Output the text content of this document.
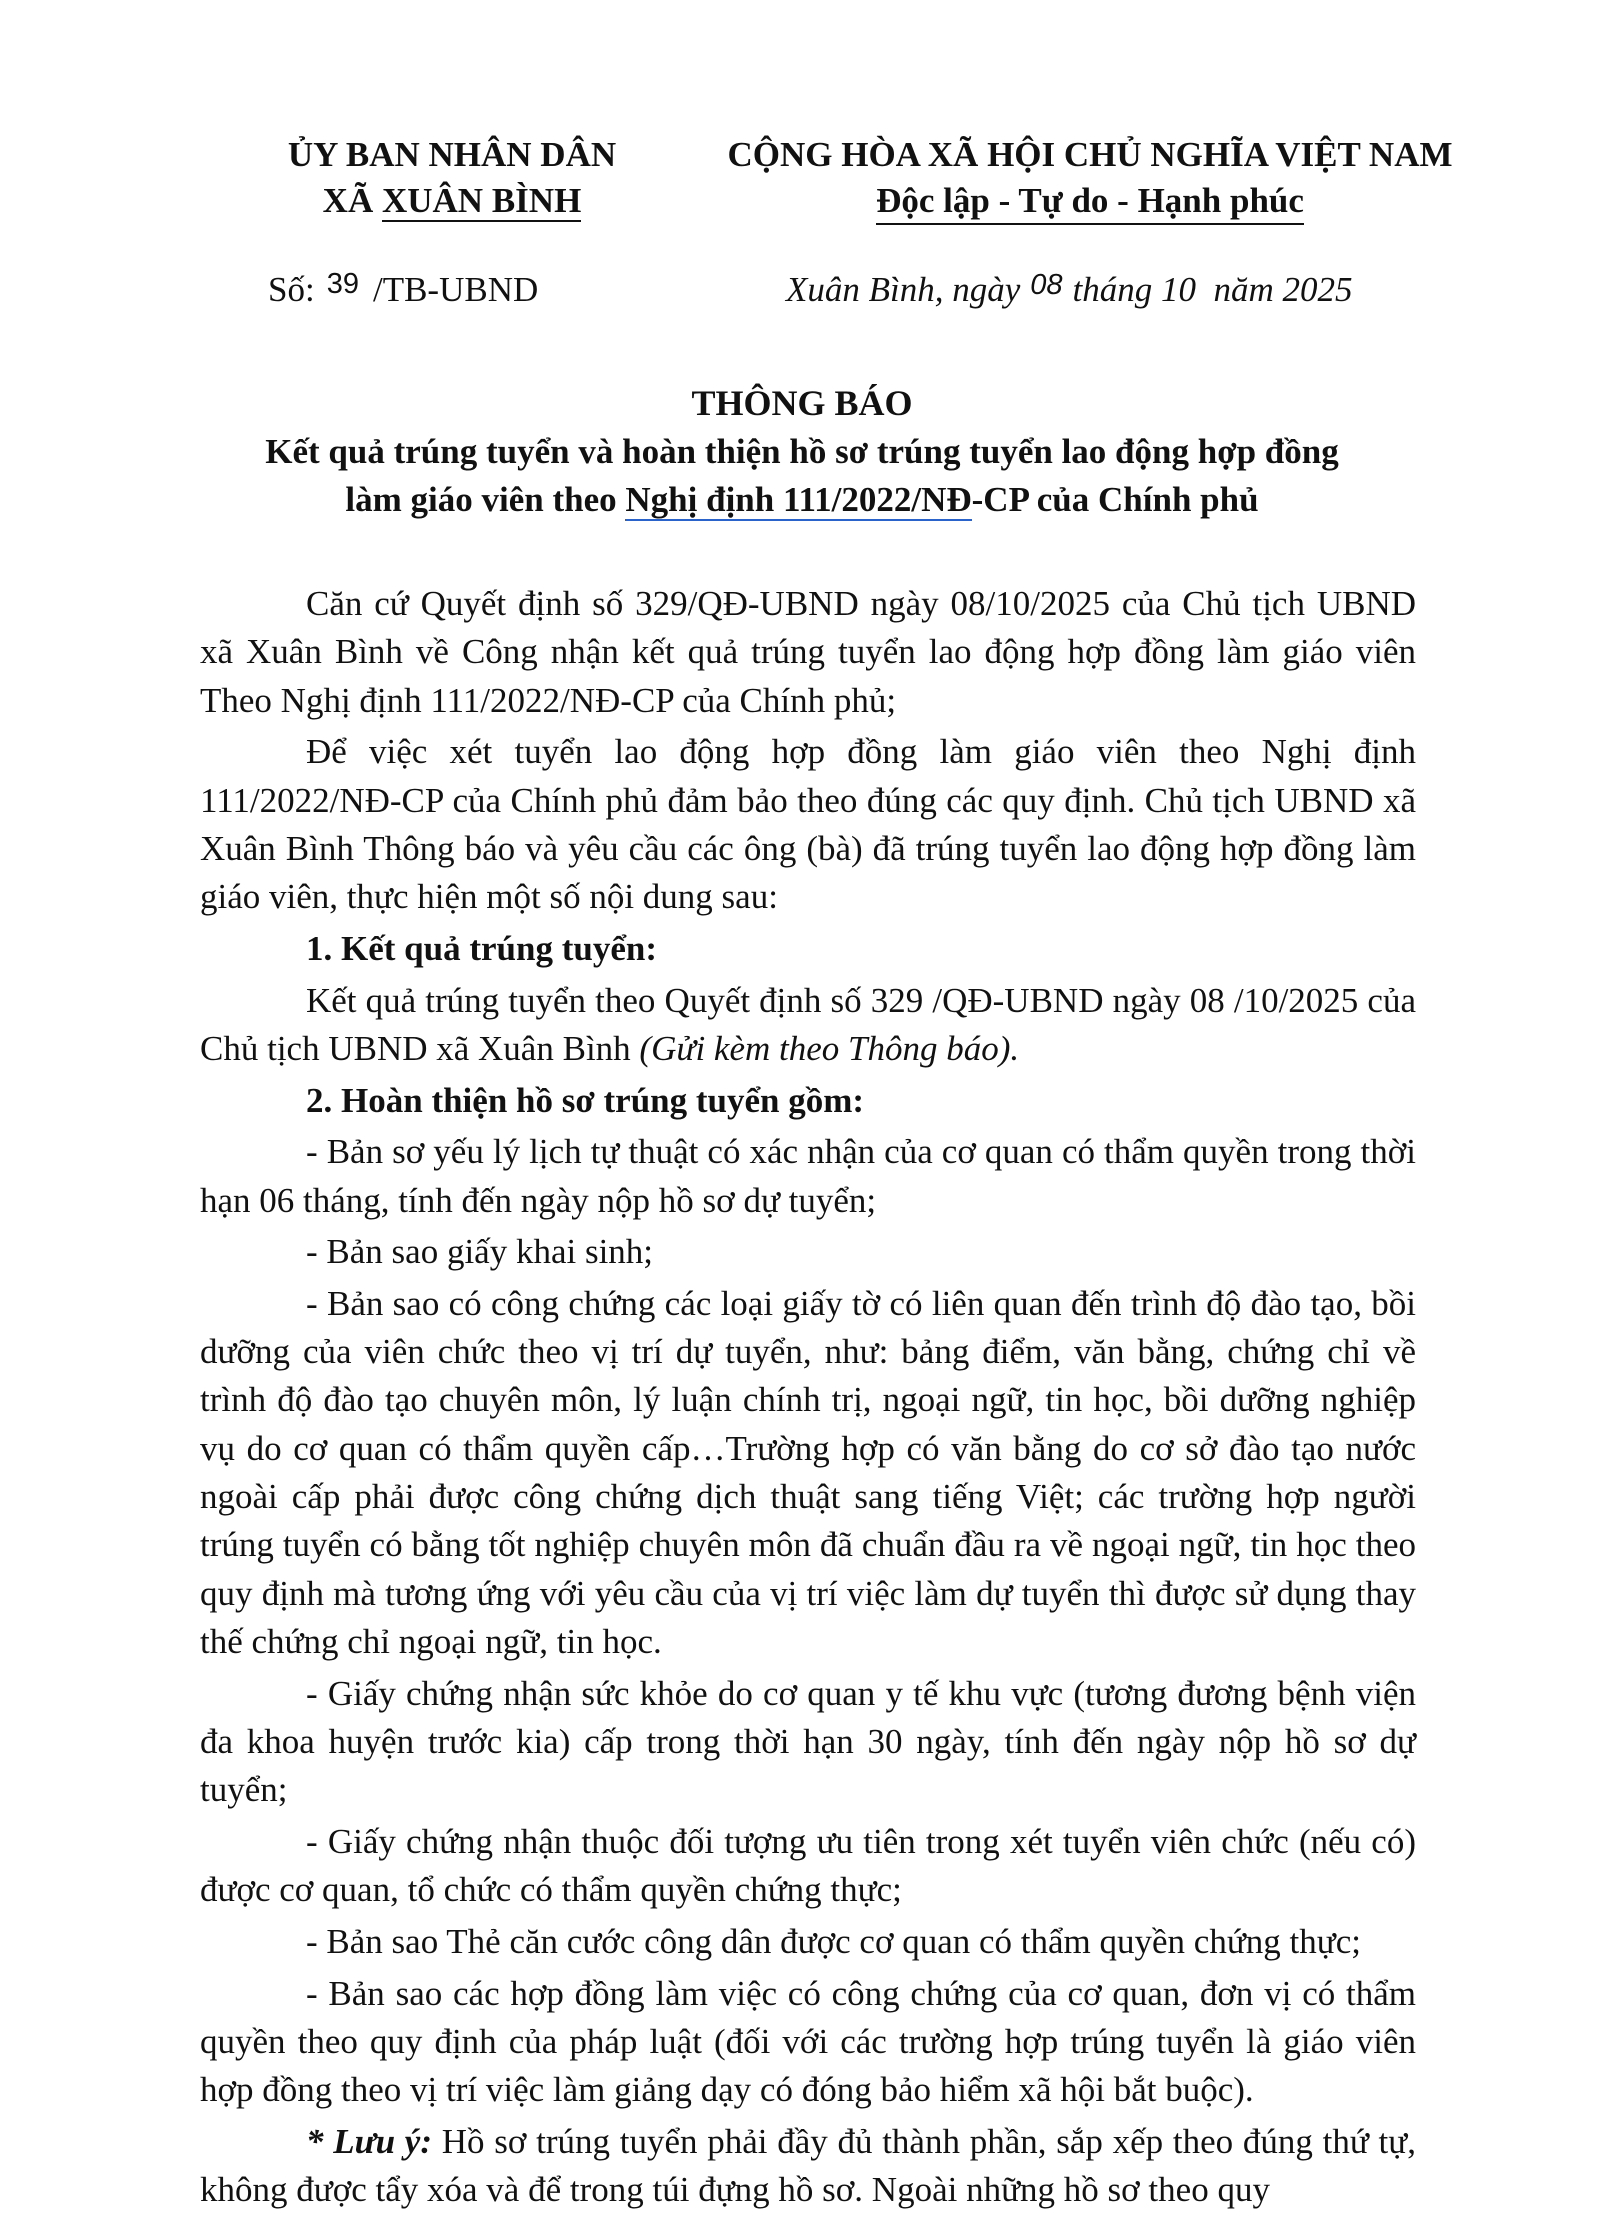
ỦY BAN NHÂN DÂN
XÃ XUÂN BÌNH
CỘNG HÒA XÃ HỘI CHỦ NGHĨA VIỆT NAM
Độc lập - Tự do - Hạnh phúc
Số: $^{39}$ /TB-UBND	Xuân Bình, ngày $^{08}$ tháng 10 năm 2025
THÔNG BÁO
Kết quả trúng tuyển và hoàn thiện hồ sơ trúng tuyển lao động hợp đồng
làm giáo viên theo Nghị định 111/2022/NĐ-CP của Chính phủ

Căn cứ Quyết định số 329/QĐ-UBND ngày 08/10/2025 của Chủ tịch UBND xã Xuân Bình về Công nhận kết quả trúng tuyển lao động hợp đồng làm giáo viên Theo Nghị định 111/2022/NĐ-CP của Chính phủ;

Để việc xét tuyển lao động hợp đồng làm giáo viên theo Nghị định 111/2022/NĐ-CP của Chính phủ đảm bảo theo đúng các quy định. Chủ tịch UBND xã Xuân Bình Thông báo và yêu cầu các ông (bà) đã trúng tuyển lao động hợp đồng làm giáo viên, thực hiện một số nội dung sau:

1. Kết quả trúng tuyển:

Kết quả trúng tuyển theo Quyết định số 329 /QĐ-UBND ngày 08 /10/2025 của Chủ tịch UBND xã Xuân Bình (Gửi kèm theo Thông báo).

2. Hoàn thiện hồ sơ trúng tuyển gồm:

- Bản sơ yếu lý lịch tự thuật có xác nhận của cơ quan có thẩm quyền trong thời hạn 06 tháng, tính đến ngày nộp hồ sơ dự tuyển;

- Bản sao giấy khai sinh;

- Bản sao có công chứng các loại giấy tờ có liên quan đến trình độ đào tạo, bồi dưỡng của viên chức theo vị trí dự tuyển, như: bảng điểm, văn bằng, chứng chỉ về trình độ đào tạo chuyên môn, lý luận chính trị, ngoại ngữ, tin học, bồi dưỡng nghiệp vụ do cơ quan có thẩm quyền cấp…Trường hợp có văn bằng do cơ sở đào tạo nước ngoài cấp phải được công chứng dịch thuật sang tiếng Việt; các trường hợp người trúng tuyển có bằng tốt nghiệp chuyên môn đã chuẩn đầu ra về ngoại ngữ, tin học theo quy định mà tương ứng với yêu cầu của vị trí việc làm dự tuyển thì được sử dụng thay thế chứng chỉ ngoại ngữ, tin học.

- Giấy chứng nhận sức khỏe do cơ quan y tế khu vực (tương đương bệnh viện đa khoa huyện trước kia) cấp trong thời hạn 30 ngày, tính đến ngày nộp hồ sơ dự tuyển;

- Giấy chứng nhận thuộc đối tượng ưu tiên trong xét tuyển viên chức (nếu có) được cơ quan, tổ chức có thẩm quyền chứng thực;

- Bản sao Thẻ căn cước công dân được cơ quan có thẩm quyền chứng thực;

- Bản sao các hợp đồng làm việc có công chứng của cơ quan, đơn vị có thẩm quyền theo quy định của pháp luật (đối với các trường hợp trúng tuyển là giáo viên hợp đồng theo vị trí việc làm giảng dạy có đóng bảo hiểm xã hội bắt buộc).

* Lưu ý: Hồ sơ trúng tuyển phải đầy đủ thành phần, sắp xếp theo đúng thứ tự, không được tẩy xóa và để trong túi đựng hồ sơ. Ngoài những hồ sơ theo quy
